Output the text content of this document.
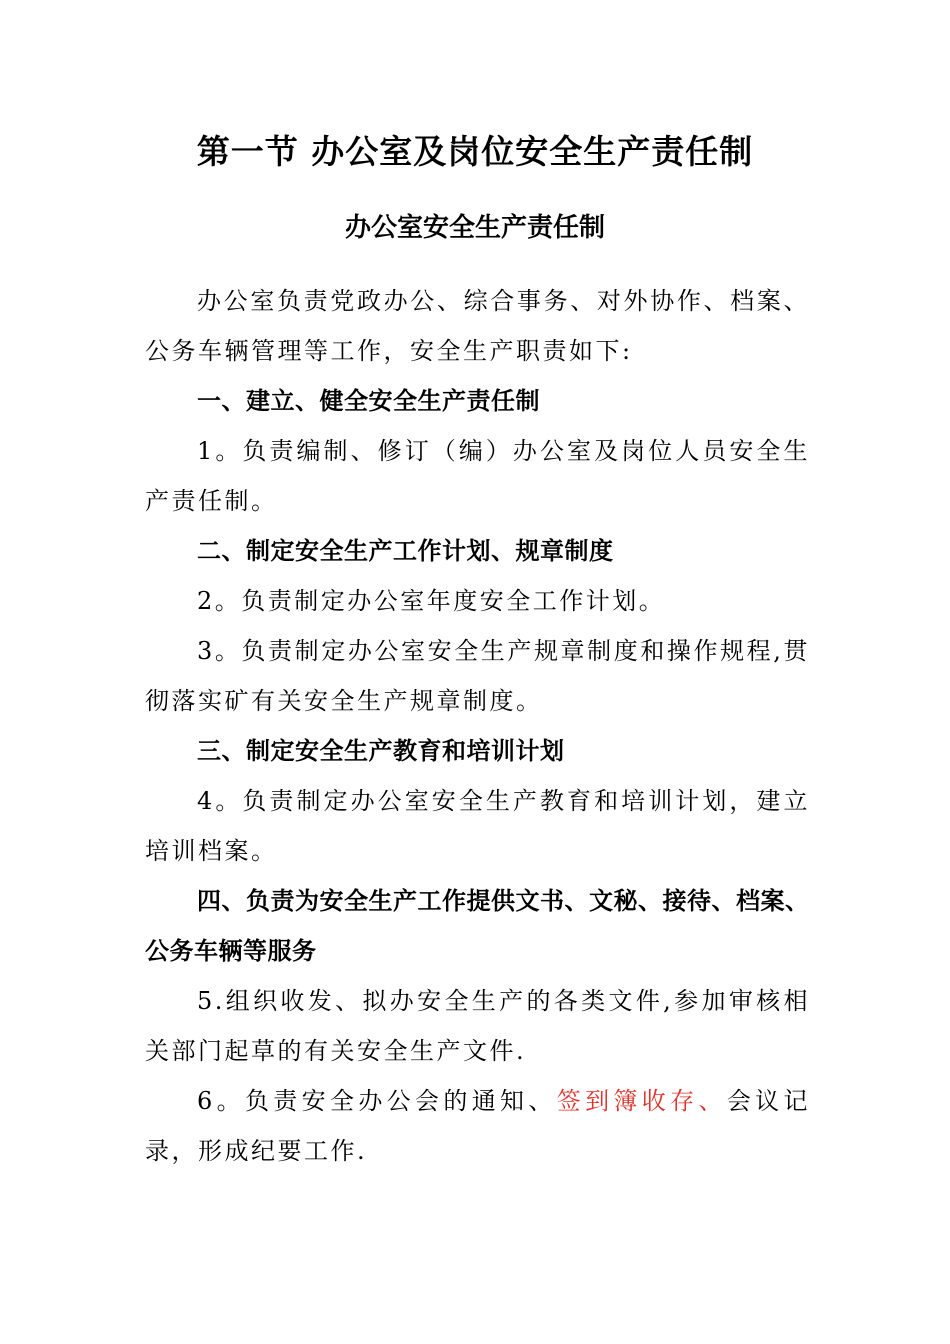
第一节 办公室及岗位安全生产责任制
办公室安全生产责任制

办公室负责党政办公、综合事务、对外协作、档案、公务车辆管理等工作，安全生产职责如下:

一、建立、健全安全生产责任制

1。负责编制、修订（编）办公室及岗位人员安全生产责任制。

二、制定安全生产工作计划、规章制度

2。负责制定办公室年度安全工作计划。

3。负责制定办公室安全生产规章制度和操作规程,贯彻落实矿有关安全生产规章制度。

三、制定安全生产教育和培训计划

4。负责制定办公室安全生产教育和培训计划，建立培训档案。

四、负责为安全生产工作提供文书、文秘、接待、档案、公务车辆等服务

5.组织收发、拟办安全生产的各类文件,参加审核相关部门起草的有关安全生产文件.

6。负责安全办公会的通知、签到簿收存、会议记录，形成纪要工作.
